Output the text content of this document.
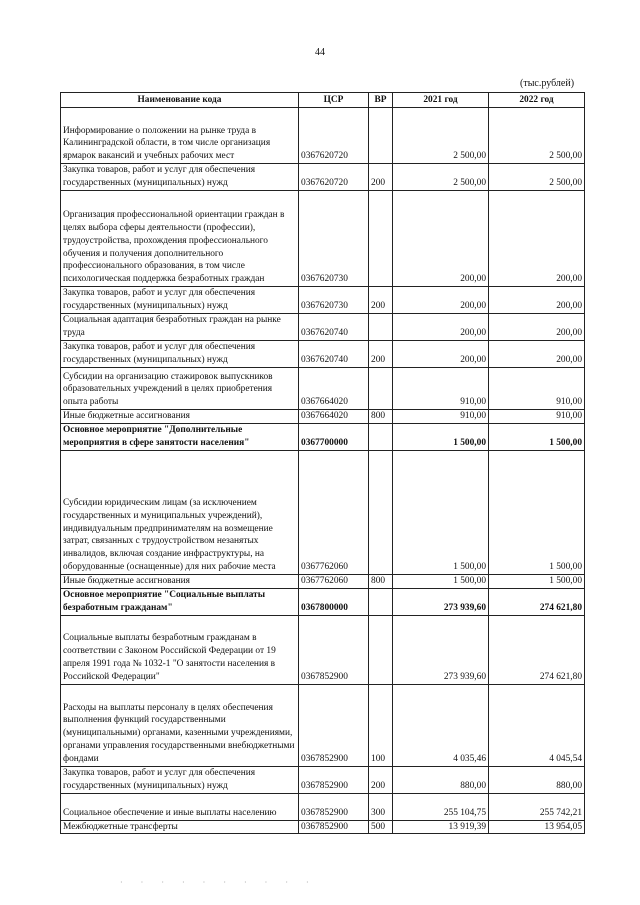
44
(тыс.рублей)
Наименование кода	ЦСР	ВР	2021 год	2022 год
Информирование о положении на рынке труда в Калининградской области, в том числе организация ярмарок вакансий и учебных рабочих мест	0367620720		2 500,00	2 500,00
Закупка товаров, работ и услуг для обеспечения государственных (муниципальных) нужд	0367620720	200	2 500,00	2 500,00
Организация профессиональной ориентации граждан в целях выбора сферы деятельности (профессии), трудоустройства, прохождения профессионального обучения и получения дополнительного профессионального образования, в том числе психологическая поддержка безработных граждан	0367620730		200,00	200,00
Закупка товаров, работ и услуг для обеспечения государственных (муниципальных) нужд	0367620730	200	200,00	200,00
Социальная адаптация безработных граждан на рынке труда	0367620740		200,00	200,00
Закупка товаров, работ и услуг для обеспечения государственных (муниципальных) нужд	0367620740	200	200,00	200,00
Субсидии на организацию стажировок выпускников образовательных учреждений в целях приобретения опыта работы	0367664020		910,00	910,00
Иные бюджетные ассигнования	0367664020	800	910,00	910,00
Основное мероприятие "Дополнительные мероприятия в сфере занятости населения"	0367700000		1 500,00	1 500,00
Субсидии юридическим лицам (за исключением государственных и муниципальных учреждений), индивидуальным предпринимателям на возмещение затрат, связанных с трудоустройством незанятых инвалидов, включая создание инфраструктуры, на оборудованные (оснащенные) для них рабочие места	0367762060		1 500,00	1 500,00
Иные бюджетные ассигнования	0367762060	800	1 500,00	1 500,00
Основное мероприятие "Социальные выплаты безработным гражданам"	0367800000		273 939,60	274 621,80
Социальные выплаты безработным гражданам в соответствии с Законом Российской Федерации от 19 апреля 1991 года № 1032-1 "О занятости населения в Российской Федерации"	0367852900		273 939,60	274 621,80
Расходы на выплаты персоналу в целях обеспечения выполнения функций государственными (муниципальными) органами, казенными учреждениями, органами управления государственными внебюджетными фондами	0367852900	100	4 035,46	4 045,54
Закупка товаров, работ и услуг для обеспечения государственных (муниципальных) нужд	0367852900	200	880,00	880,00
Социальное обеспечение и иные выплаты населению	0367852900	300	255 104,75	255 742,21
Межбюджетные трансферты	0367852900	500	13 919,39	13 954,05
· · · · · · · · · ·
